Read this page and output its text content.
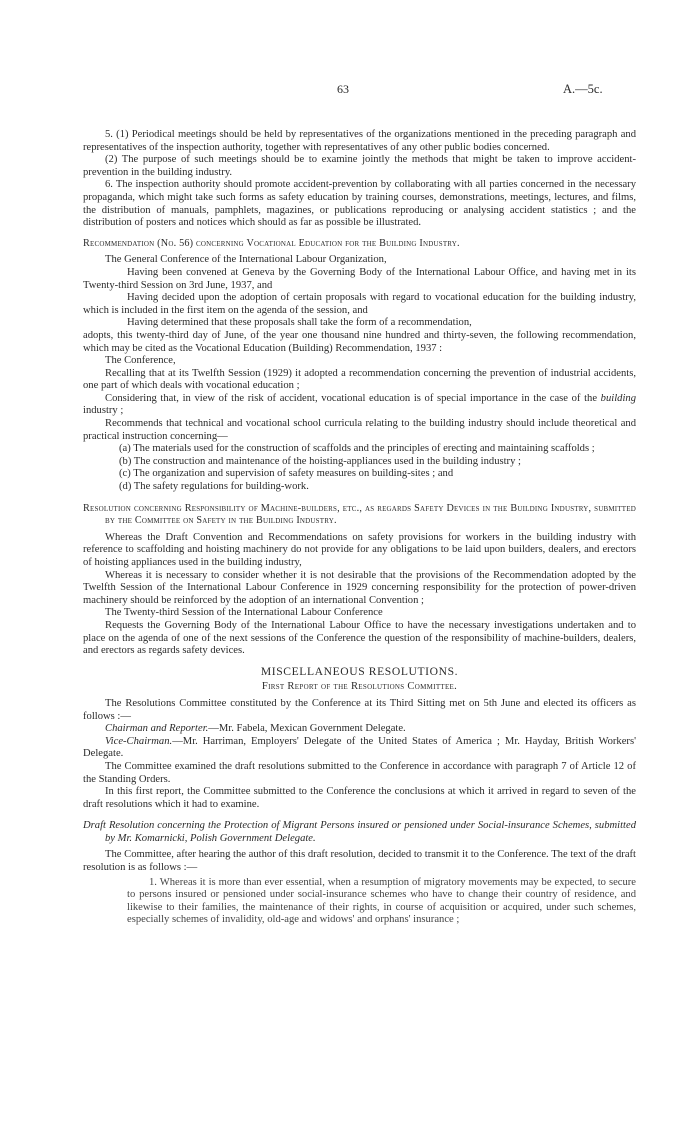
63	A.—5c.

5. (1) Periodical meetings should be held by representatives of the organizations mentioned in the preceding paragraph and representatives of the inspection authority, together with representatives of any other public bodies concerned.

(2) The purpose of such meetings should be to examine jointly the methods that might be taken to improve accident-prevention in the building industry.

6. The inspection authority should promote accident-prevention by collaborating with all parties concerned in the necessary propaganda, which might take such forms as safety education by training courses, demonstrations, meetings, lectures, and films, the distribution of manuals, pamphlets, magazines, or publications reproducing or analysing accident statistics ; and the distribution of posters and notices which should as far as possible be illustrated.

Recommendation (No. 56) concerning Vocational Education for the Building Industry.

The General Conference of the International Labour Organization,

Having been convened at Geneva by the Governing Body of the International Labour Office, and having met in its Twenty-third Session on 3rd June, 1937, and

Having decided upon the adoption of certain proposals with regard to vocational education for the building industry, which is included in the first item on the agenda of the session, and

Having determined that these proposals shall take the form of a recommendation,

adopts, this twenty-third day of June, of the year one thousand nine hundred and thirty-seven, the following recommendation, which may be cited as the Vocational Education (Building) Recommendation, 1937 :

The Conference,

Recalling that at its Twelfth Session (1929) it adopted a recommendation concerning the prevention of industrial accidents, one part of which deals with vocational education ;

Considering that, in view of the risk of accident, vocational education is of special importance in the case of the building industry ;

Recommends that technical and vocational school curricula relating to the building industry should include theoretical and practical instruction concerning—

(a) The materials used for the construction of scaffolds and the principles of erecting and maintaining scaffolds ;

(b) The construction and maintenance of the hoisting-appliances used in the building industry ;

(c) The organization and supervision of safety measures on building-sites ; and

(d) The safety regulations for building-work.

Resolution concerning Responsibility of Machine-builders, etc., as regards Safety Devices in the Building Industry, submitted by the Committee on Safety in the Building Industry.

Whereas the Draft Convention and Recommendations on safety provisions for workers in the building industry with reference to scaffolding and hoisting machinery do not provide for any obligations to be laid upon builders, dealers, and erectors of hoisting appliances used in the building industry,

Whereas it is necessary to consider whether it is not desirable that the provisions of the Recommendation adopted by the Twelfth Session of the International Labour Conference in 1929 concerning responsibility for the protection of power-driven machinery should be reinforced by the adoption of an international Convention ;

The Twenty-third Session of the International Labour Conference

Requests the Governing Body of the International Labour Office to have the necessary investigations undertaken and to place on the agenda of one of the next sessions of the Conference the question of the responsibility of machine-builders, dealers, and erectors as regards safety devices.

MISCELLANEOUS RESOLUTIONS.

First Report of the Resolutions Committee.

The Resolutions Committee constituted by the Conference at its Third Sitting met on 5th June and elected its officers as follows :—

Chairman and Reporter.—Mr. Fabela, Mexican Government Delegate.

Vice-Chairman.—Mr. Harriman, Employers' Delegate of the United States of America ; Mr. Hayday, British Workers' Delegate.

The Committee examined the draft resolutions submitted to the Conference in accordance with paragraph 7 of Article 12 of the Standing Orders.

In this first report, the Committee submitted to the Conference the conclusions at which it arrived in regard to seven of the draft resolutions which it had to examine.

Draft Resolution concerning the Protection of Migrant Persons insured or pensioned under Social-insurance Schemes, submitted by Mr. Komarnicki, Polish Government Delegate.

The Committee, after hearing the author of this draft resolution, decided to transmit it to the Conference. The text of the draft resolution is as follows :—

1. Whereas it is more than ever essential, when a resumption of migratory movements may be expected, to secure to persons insured or pensioned under social-insurance schemes who have to change their country of residence, and likewise to their families, the maintenance of their rights, in course of acquisition or acquired, under such schemes, especially schemes of invalidity, old-age and widows' and orphans' insurance ;
